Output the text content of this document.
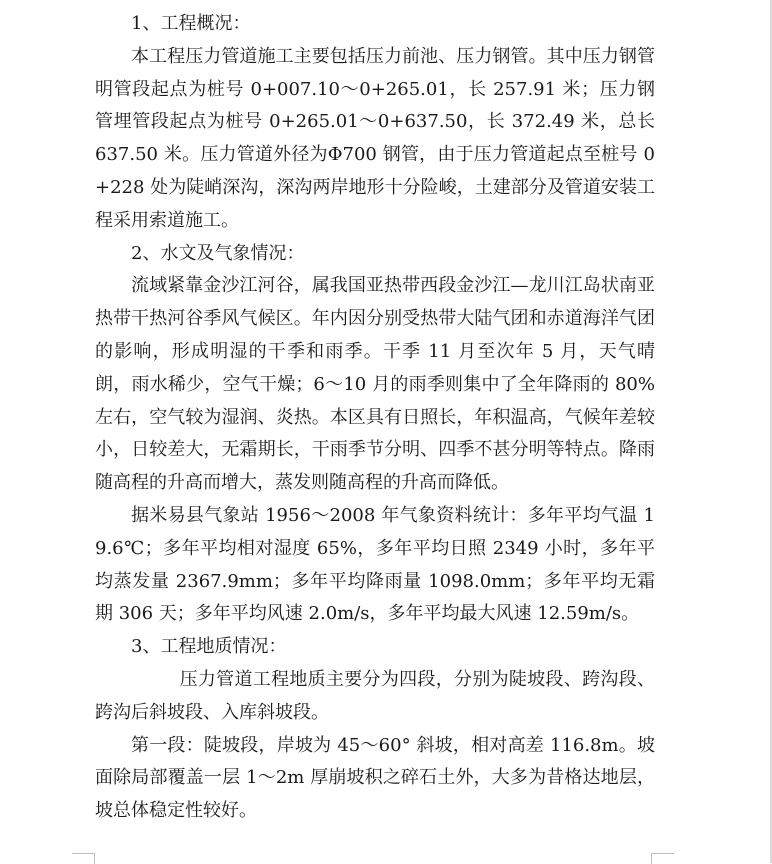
1、工程概况：

本工程压力管道施工主要包括压力前池、压力钢管。其中压力钢管明管段起点为桩号 0+007.10～0+265.01，长 257.91 米；压力钢管埋管段起点为桩号 0+265.01～0+637.50，长 372.49 米，总长 637.50 米。压力管道外径为Φ700 钢管，由于压力管道起点至桩号 0+228 处为陡峭深沟，深沟两岸地形十分险峻，土建部分及管道安装工程采用索道施工。

2、水文及气象情况：

流域紧靠金沙江河谷，属我国亚热带西段金沙江—龙川江岛状南亚热带干热河谷季风气候区。年内因分别受热带大陆气团和赤道海洋气团的影响，形成明湿的干季和雨季。干季 11 月至次年 5 月，天气晴朗，雨水稀少，空气干燥；6～10 月的雨季则集中了全年降雨的 80%左右，空气较为湿润、炎热。本区具有日照长，年积温高，气候年差较小，日较差大，无霜期长，干雨季节分明、四季不甚分明等特点。降雨随高程的升高而增大，蒸发则随高程的升高而降低。

据米易县气象站 1956～2008 年气象资料统计：多年平均气温 19.6℃；多年平均相对湿度 65%，多年平均日照 2349 小时，多年平均蒸发量 2367.9mm；多年平均降雨量 1098.0mm；多年平均无霜期 306 天；多年平均风速 2.0m/s，多年平均最大风速 12.59m/s。

3、工程地质情况：

压力管道工程地质主要分为四段，分别为陡坡段、跨沟段、跨沟后斜坡段、入库斜坡段。

第一段：陡坡段，岸坡为 45～60° 斜坡，相对高差 116.8m。坡面除局部覆盖一层 1～2m 厚崩坡积之碎石土外，大多为昔格达地层，坡总体稳定性较好。
